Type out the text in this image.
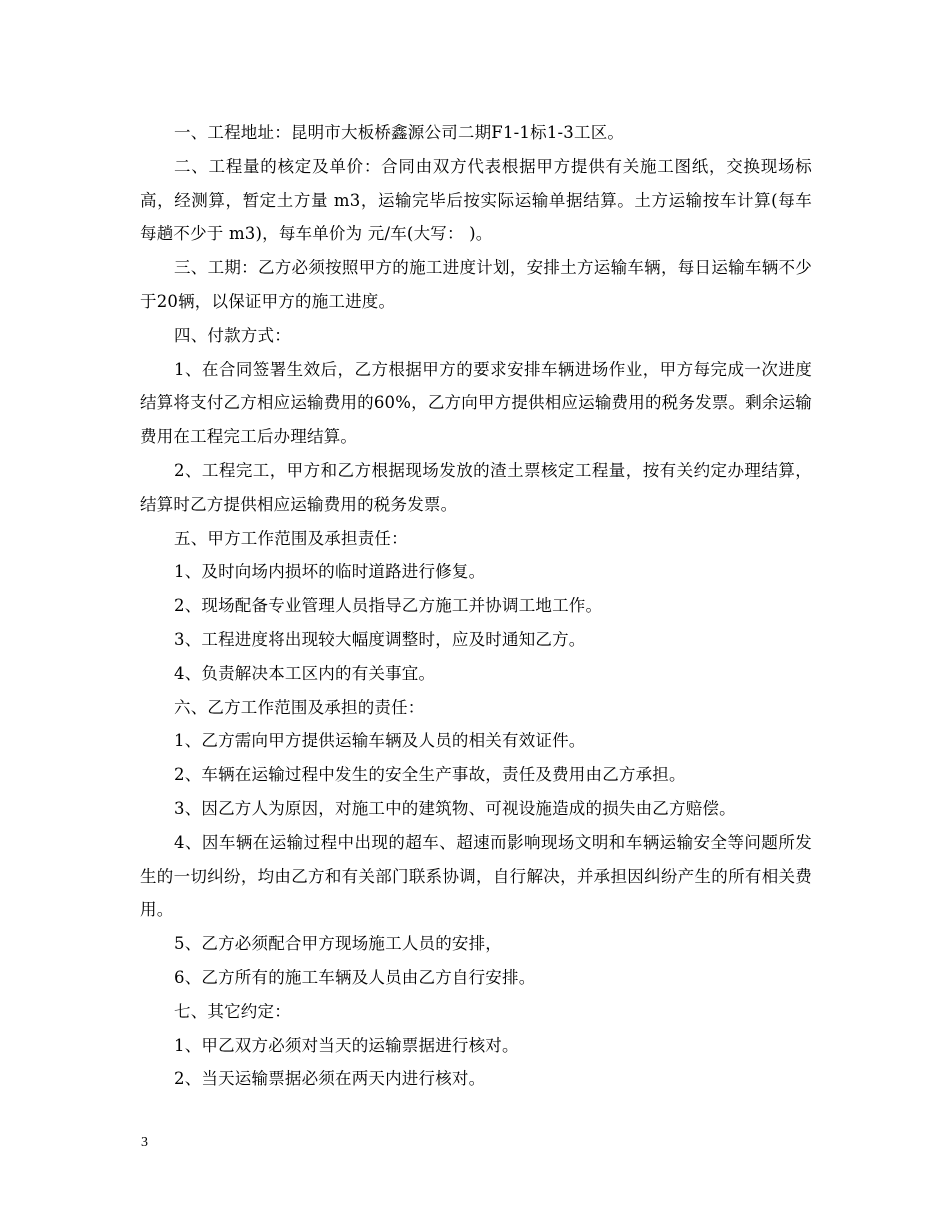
一、工程地址：昆明市大板桥鑫源公司二期F1-1标1-3工区。

二、工程量的核定及单价：合同由双方代表根据甲方提供有关施工图纸，交换现场标高，经测算，暂定土方量 m3，运输完毕后按实际运输单据结算。土方运输按车计算(每车每趟不少于 m3)，每车单价为 元/车(大写： )。

三、工期：乙方必须按照甲方的施工进度计划，安排土方运输车辆，每日运输车辆不少于20辆，以保证甲方的施工进度。

四、付款方式：

1、在合同签署生效后，乙方根据甲方的要求安排车辆进场作业，甲方每完成一次进度结算将支付乙方相应运输费用的60%，乙方向甲方提供相应运输费用的税务发票。剩余运输费用在工程完工后办理结算。

2、工程完工，甲方和乙方根据现场发放的渣土票核定工程量，按有关约定办理结算，结算时乙方提供相应运输费用的税务发票。

五、甲方工作范围及承担责任：

1、及时向场内损坏的临时道路进行修复。

2、现场配备专业管理人员指导乙方施工并协调工地工作。

3、工程进度将出现较大幅度调整时，应及时通知乙方。

4、负责解决本工区内的有关事宜。

六、乙方工作范围及承担的责任：

1、乙方需向甲方提供运输车辆及人员的相关有效证件。

2、车辆在运输过程中发生的安全生产事故，责任及费用由乙方承担。

3、因乙方人为原因，对施工中的建筑物、可视设施造成的损失由乙方赔偿。

4、因车辆在运输过程中出现的超车、超速而影响现场文明和车辆运输安全等问题所发生的一切纠纷，均由乙方和有关部门联系协调，自行解决，并承担因纠纷产生的所有相关费用。

5、乙方必须配合甲方现场施工人员的安排，

6、乙方所有的施工车辆及人员由乙方自行安排。

七、其它约定：

1、甲乙双方必须对当天的运输票据进行核对。

2、当天运输票据必须在两天内进行核对。

3
